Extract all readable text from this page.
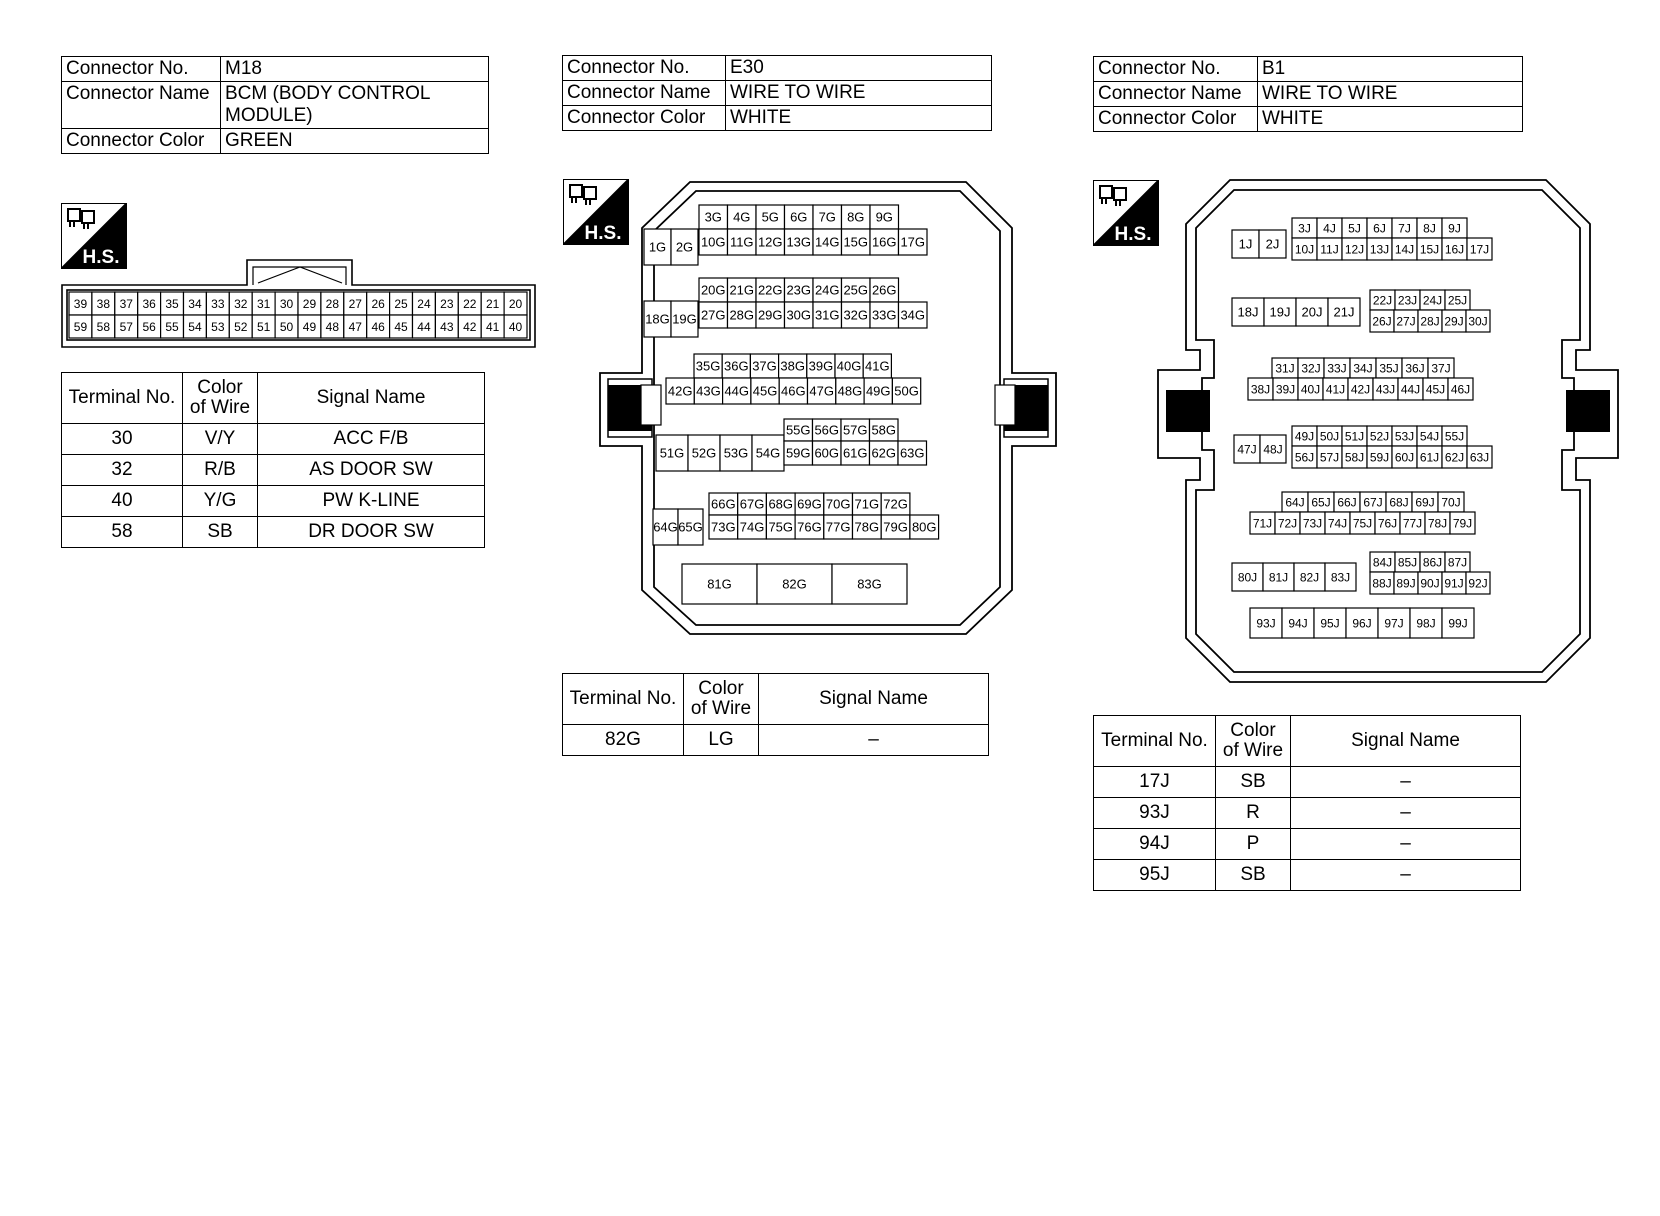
Connector No.	M18
Connector Name	BCM (BODY CONTROL MODULE)
Connector Color	GREEN
H.S.
39 38 37 36 35 34 33 32 31 30 29 28 27 26 25 24 23 22 21 20
59 58 57 56 55 54 53 52 51 50 49 48 47 46 45 44 43 42 41 40
Terminal No.	Color of Wire	Signal Name
30	V/Y	ACC F/B
32	R/B	AS DOOR SW
40	Y/G	PW K-LINE
58	SB	DR DOOR SW
Connector No.	E30
Connector Name	WIRE TO WIRE
Connector Color	WHITE
H.S.
1G 2G
3G 4G 5G 6G 7G 8G 9G
10G 11G 12G 13G 14G 15G 16G 17G
18G 19G
20G 21G 22G 23G 24G 25G 26G
27G 28G 29G 30G 31G 32G 33G 34G
35G 36G 37G 38G 39G 40G 41G
42G 43G 44G 45G 46G 47G 48G 49G 50G
51G 52G 53G 54G
55G 56G 57G 58G
59G 60G 61G 62G 63G
64G 65G
66G 67G 68G 69G 70G 71G 72G
73G 74G 75G 76G 77G 78G 79G 80G
81G	82G	83G
Terminal No.	Color of Wire	Signal Name
82G	LG	–
Connector No.	B1
Connector Name	WIRE TO WIRE
Connector Color	WHITE
H.S.	1J 2J
3J 4J 5J 6J 7J 8J 9J
10J 11J 12J 13J 14J 15J 16J 17J
18J 19J 20J 21J
22J 23J 24J 25J
26J 27J 28J 29J 30J
31J 32J 33J 34J 35J 36J 37J
38J 39J 40J 41J 42J 43J 44J 45J 46J
47J 48J
49J 50J 51J 52J 53J 54J 55J
56J 57J 58J 59J 60J 61J 62J 63J
64J 65J 66J 67J 68J 69J 70J
71J 72J 73J 74J 75J 76J 77J 78J 79J
80J 81J 82J 83J
84J 85J 86J 87J
88J 89J 90J 91J 92J
93J 94J 95J 96J 97J 98J 99J
Terminal No.	Color of Wire	Signal Name
17J	SB	–
93J	R	–
94J	P	–
95J	SB	–
